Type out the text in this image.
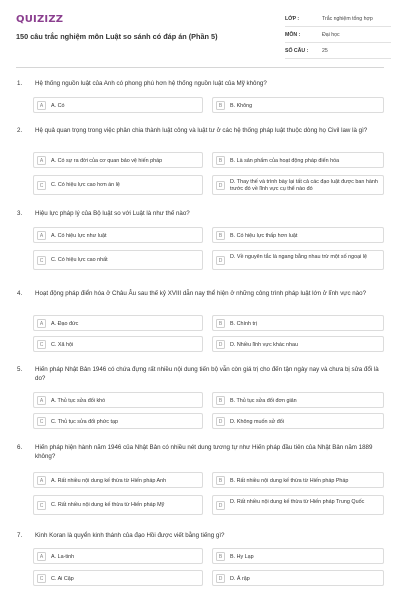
QUIZIZZ
150 câu trắc nghiệm môn Luật so sánh có đáp án (Phần 5)
LỚP :	Trắc nghiệm tổng hợp
MÔN :	Đại học
SỐ CÂU :	25
1. Hệ thống nguồn luật của Anh có phong phú hơn hệ thống nguồn luật của Mỹ không?
A	A. Có	B	B. Không
2. Hệ quả quan trọng trong việc phân chia thành luật công và luật tư ở các hệ thống pháp luật thuộc dòng họ Civil law là gì?
A	A. Có sự ra đời của cơ quan bảo vệ hiến pháp	B	B. Là sản phẩm của hoạt động pháp điển hóa
C	C. Có hiệu lực cao hơn án lệ	D
D. Thay thế và trình bày lại tất cả các đạo luật được ban hành trước đó về lĩnh vực cụ thể nào đó
3. Hiệu lực pháp lý của Bộ luật so với Luật là như thế nào?
A	A. Có hiệu lực như luật	B	B. Có hiệu lực thấp hơn luật
C	C. Có hiệu lực cao nhất	D
D. Về nguyên tắc là ngang bằng nhau trừ một số ngoại lệ
4. Hoạt động pháp điển hóa ở Châu Âu sau thế kỷ XVIII dẫn nay thể hiện ở những công trình pháp luật lớn ở lĩnh vực nào?
A	A. Đạo đức	B	B. Chính trị
C	C. Xã hội	D	D. Nhiều lĩnh vực khác nhau
5. Hiến pháp Nhật Bản 1946 có chứa đựng rất nhiều nội dung tiến bộ vẫn còn giá trị cho đến tận ngày nay và chưa bị sửa đổi là do?
A	A. Thủ tục sửa đổi khó	B	B. Thủ tục sửa đổi đơn giản
C	C. Thủ tục sửa đổi phức tạp	D	D. Không muốn sử đổi
6. Hiến pháp hiện hành năm 1946 của Nhật Bản có nhiều nét dung tương tự như Hiến pháp đầu tiên của Nhật Bản năm 1889 không?
A	A. Rất nhiều nội dung kế thừa từ Hiến pháp Anh	B	B. Rất nhiều nội dung kế thừa từ Hiến pháp Pháp
C	C. Rất nhiều nội dung kế thừa từ Hiến pháp Mỹ	D
D. Rất nhiều nội dung kế thừa từ Hiến pháp Trung Quốc
7. Kinh Koran là quyển kinh thánh của đạo Hồi được viết bằng tiếng gì?
A	A. La-tinh	B	B. Hy Lạp
C	C. Ai Cập	D	D. Ả rập
